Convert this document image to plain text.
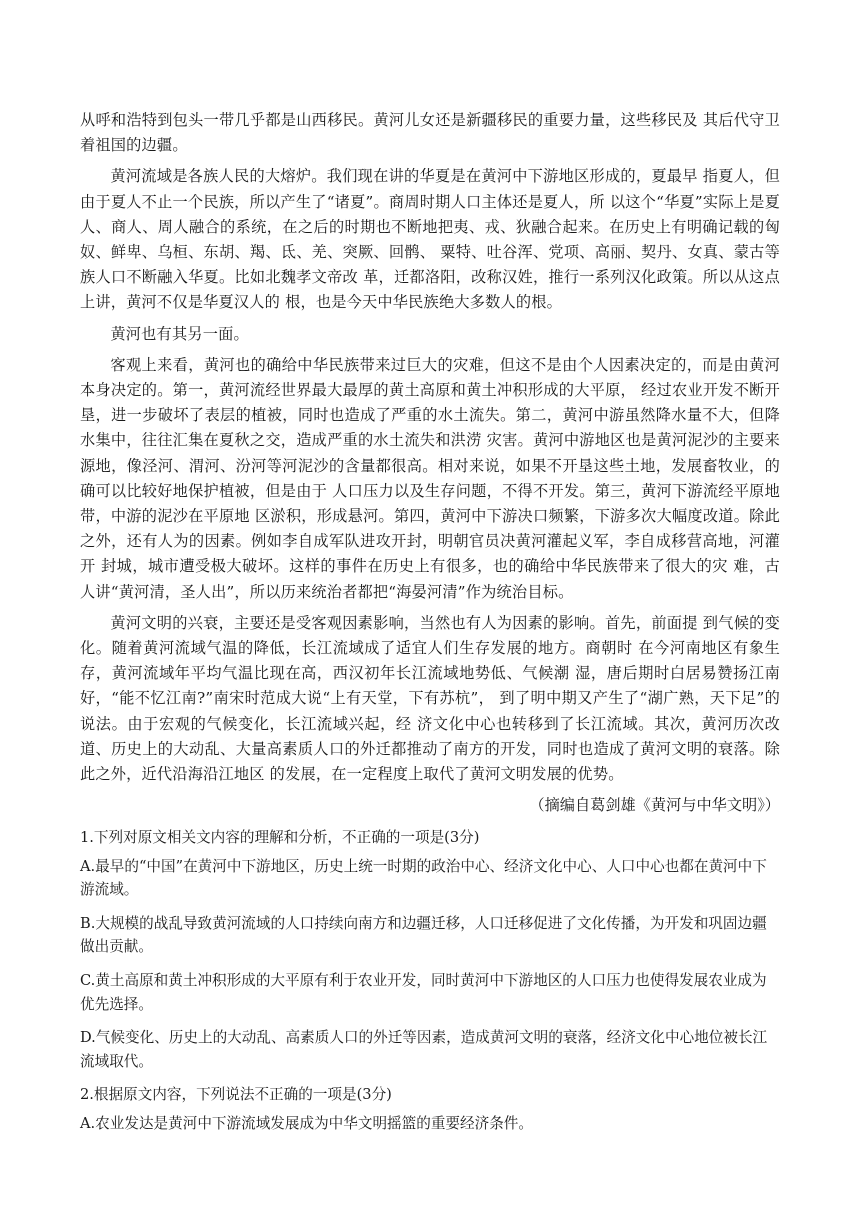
从呼和浩特到包头一带几乎都是山西移民。黄河儿女还是新疆移民的重要力量，这些移民及 其后代守卫着祖国的边疆。

黄河流域是各族人民的大熔炉。我们现在讲的华夏是在黄河中下游地区形成的，夏最早 指夏人，但由于夏人不止一个民族，所以产生了“诸夏”。商周时期人口主体还是夏人，所 以这个“华夏”实际上是夏人、商人、周人融合的系统，在之后的时期也不断地把夷、戎、狄融合起来。在历史上有明确记载的匈奴、鲜卑、乌桓、东胡、羯、氐、羌、突厥、回鹘、 粟特、吐谷浑、党项、高丽、契丹、女真、蒙古等族人口不断融入华夏。比如北魏孝文帝改 革，迁都洛阳，改称汉姓，推行一系列汉化政策。所以从这点上讲，黄河不仅是华夏汉人的 根，也是今天中华民族绝大多数人的根。

黄河也有其另一面。

客观上来看，黄河也的确给中华民族带来过巨大的灾难，但这不是由个人因素决定的，而是由黄河本身决定的。第一，黄河流经世界最大最厚的黄土高原和黄土冲积形成的大平原， 经过农业开发不断开垦，进一步破坏了表层的植被，同时也造成了严重的水土流失。第二，黄河中游虽然降水量不大，但降水集中，往往汇集在夏秋之交，造成严重的水土流失和洪涝 灾害。黄河中游地区也是黄河泥沙的主要来源地，像泾河、渭河、汾河等河泥沙的含量都很高。相对来说，如果不开垦这些土地，发展畜牧业，的确可以比较好地保护植被，但是由于 人口压力以及生存问题，不得不开发。第三，黄河下游流经平原地带，中游的泥沙在平原地 区淤积，形成悬河。第四，黄河中下游决口频繁，下游多次大幅度改道。除此之外，还有人为的因素。例如李自成军队进攻开封，明朝官员决黄河灌起义军，李自成移营高地，河灌开 封城，城市遭受极大破坏。这样的事件在历史上有很多，也的确给中华民族带来了很大的灾 难，古人讲“黄河清，圣人出”，所以历来统治者都把“海晏河清”作为统治目标。

黄河文明的兴衰，主要还是受客观因素影响，当然也有人为因素的影响。首先，前面提 到气候的变化。随着黄河流域气温的降低，长江流域成了适宜人们生存发展的地方。商朝时 在今河南地区有象生存，黄河流域年平均气温比现在高，西汉初年长江流域地势低、气候潮 湿，唐后期时白居易赞扬江南好，“能不忆江南?”南宋时范成大说“上有天堂，下有苏杭”， 到了明中期又产生了“湖广熟，天下足”的说法。由于宏观的气候变化，长江流域兴起，经 济文化中心也转移到了长江流域。其次，黄河历次改道、历史上的大动乱、大量高素质人口的外迁都推动了南方的开发，同时也造成了黄河文明的衰落。除此之外，近代沿海沿江地区 的发展，在一定程度上取代了黄河文明发展的优势。

（摘编自葛剑雄《黄河与中华文明》）

1.下列对原文相关文内容的理解和分析，不正确的一项是(3分)

A.最早的“中国”在黄河中下游地区，历史上统一时期的政治中心、经济文化中心、人口中心也都在黄河中下游流域。

B.大规模的战乱导致黄河流域的人口持续向南方和边疆迁移，人口迁移促进了文化传播，为开发和巩固边疆做出贡献。

C.黄土高原和黄土冲积形成的大平原有利于农业开发，同时黄河中下游地区的人口压力也使得发展农业成为优先选择。

D.气候变化、历史上的大动乱、高素质人口的外迁等因素，造成黄河文明的衰落，经济文化中心地位被长江流域取代。

2.根据原文内容，下列说法不正确的一项是(3分)

A.农业发达是黄河中下游流域发展成为中华文明摇篮的重要经济条件。
